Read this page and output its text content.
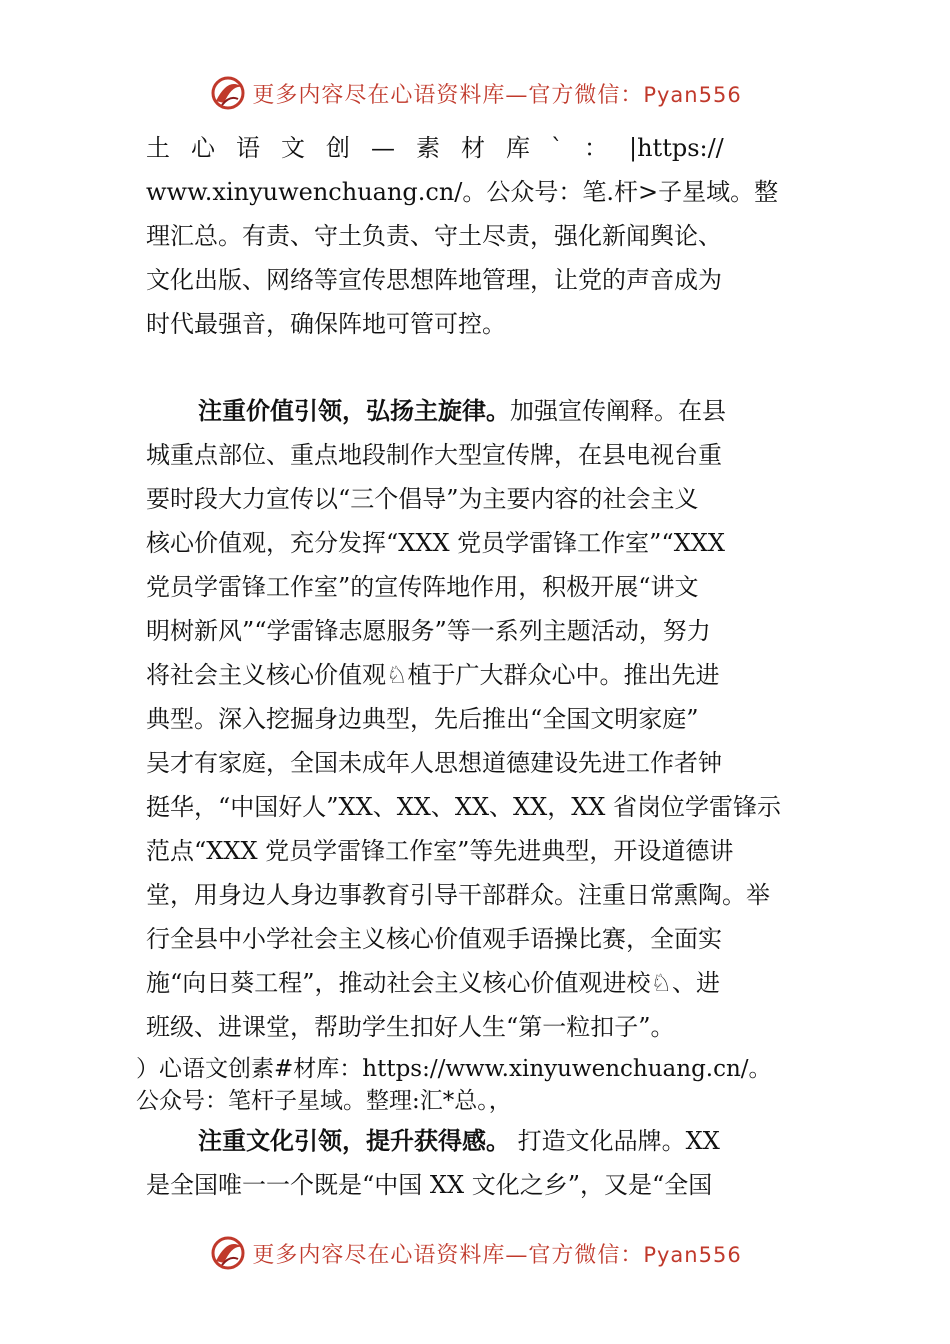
更多内容尽在心语资料库—官方微信：Pyan556
土心语文创—素材库`：|https://
www.xinyuwenchuang.cn/。公众号：笔.杆>子星域。整
理汇总。有责、守土负责、守土尽责，强化新闻舆论、
文化出版、网络等宣传思想阵地管理，让党的声音成为
时代最强音，确保阵地可管可控。
注重价值引领，弘扬主旋律。加强宣传阐释。在县
城重点部位、重点地段制作大型宣传牌，在县电视台重
要时段大力宣传以“三个倡导”为主要内容的社会主义
核心价值观，充分发挥“XXX 党员学雷锋工作室”“XXX
党员学雷锋工作室”的宣传阵地作用，积极开展“讲文
明树新风”“学雷锋志愿服务”等一系列主题活动，努力
将社会主义核心价值观♘植于广大群众心中。推出先进
典型。深入挖掘身边典型，先后推出“全国文明家庭”
吴才有家庭，全国未成年人思想道德建设先进工作者钟
挺华，“中国好人”XX、XX、XX、XX，XX 省岗位学雷锋示
范点“XXX 党员学雷锋工作室”等先进典型，开设道德讲
堂，用身边人身边事教育引导干部群众。注重日常熏陶。举
行全县中小学社会主义核心价值观手语操比赛，全面实
施“向日葵工程”，推动社会主义核心价值观进校♘、进
班级、进课堂，帮助学生扣好人生“第一粒扣子”。
）心语文创素#材库：https://www.xinyuwenchuang.cn/。
公众号：笔杆子星域。整理:汇*总。，
注重文化引领，提升获得感。 打造文化品牌。XX
是全国唯一一个既是“中国 XX 文化之乡”，又是“全国
更多内容尽在心语资料库—官方微信：Pyan556
